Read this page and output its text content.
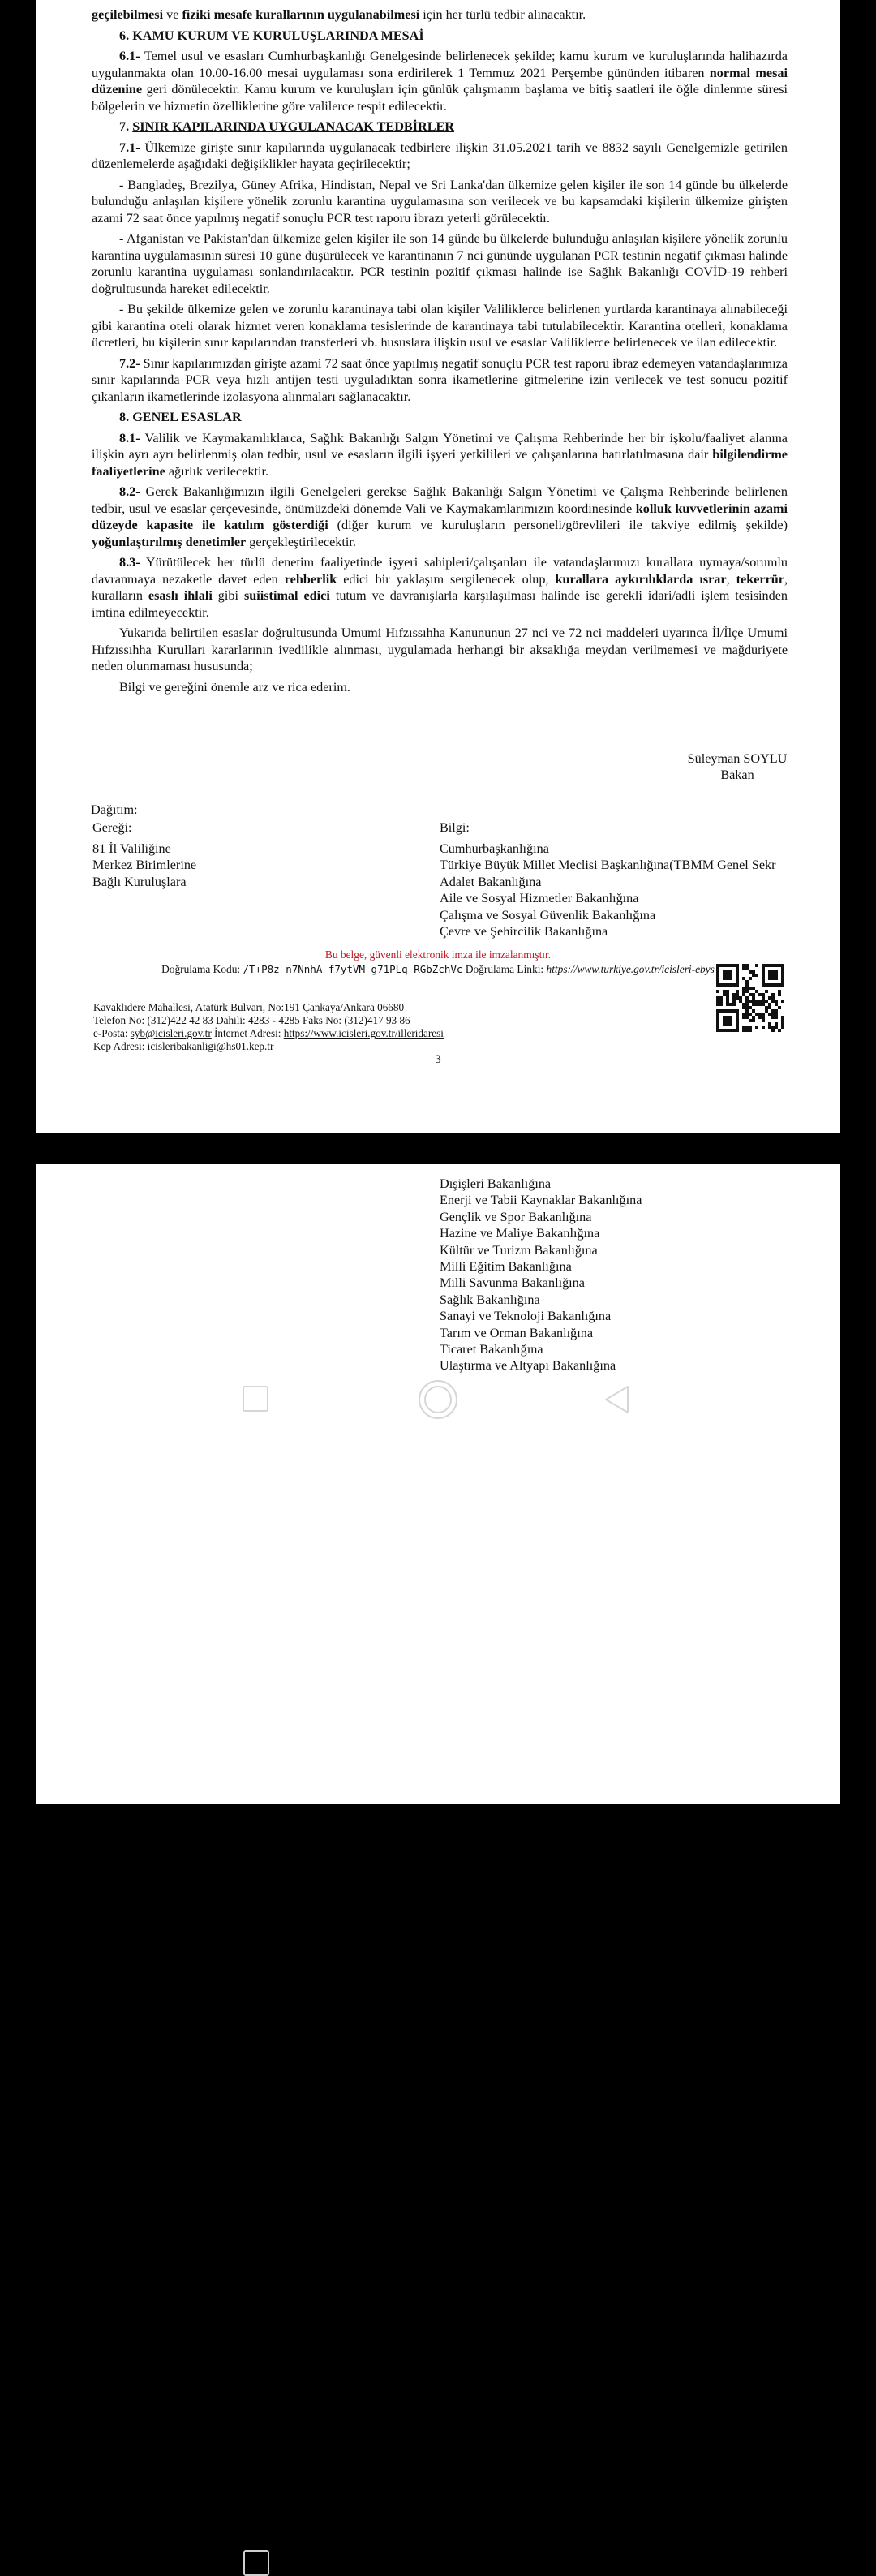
geçilebilmesi ve fiziki mesafe kurallarının uygulanabilmesi için her türlü tedbir alınacaktır.

6. KAMU KURUM VE KURULUŞLARINDA MESAİ

6.1- Temel usul ve esasları Cumhurbaşkanlığı Genelgesinde belirlenecek şekilde; kamu kurum ve kuruluşlarında halihazırda uygulanmakta olan 10.00-16.00 mesai uygulaması sona erdirilerek 1 Temmuz 2021 Perşembe gününden itibaren normal mesai düzenine geri dönülecektir. Kamu kurum ve kuruluşları için günlük çalışmanın başlama ve bitiş saatleri ile öğle dinlenme süresi bölgelerin ve hizmetin özelliklerine göre valilerce tespit edilecektir.

7. SINIR KAPILARINDA UYGULANACAK TEDBİRLER

7.1- Ülkemize girişte sınır kapılarında uygulanacak tedbirlere ilişkin 31.05.2021 tarih ve 8832 sayılı Genelgemizle getirilen düzenlemelerde aşağıdaki değişiklikler hayata geçirilecektir;

- Bangladeş, Brezilya, Güney Afrika, Hindistan, Nepal ve Sri Lanka'dan ülkemize gelen kişiler ile son 14 günde bu ülkelerde bulunduğu anlaşılan kişilere yönelik zorunlu karantina uygulamasına son verilecek ve bu kapsamdaki kişilerin ülkemize girişten azami 72 saat önce yapılmış negatif sonuçlu PCR test raporu ibrazı yeterli görülecektir.

- Afganistan ve Pakistan'dan ülkemize gelen kişiler ile son 14 günde bu ülkelerde bulunduğu anlaşılan kişilere yönelik zorunlu karantina uygulamasının süresi 10 güne düşürülecek ve karantinanın 7 nci gününde uygulanan PCR testinin negatif çıkması halinde zorunlu karantina uygulaması sonlandırılacaktır. PCR testinin pozitif çıkması halinde ise Sağlık Bakanlığı COVİD-19 rehberi doğrultusunda hareket edilecektir.

- Bu şekilde ülkemize gelen ve zorunlu karantinaya tabi olan kişiler Valiliklerce belirlenen yurtlarda karantinaya alınabileceği gibi karantina oteli olarak hizmet veren konaklama tesislerinde de karantinaya tabi tutulabilecektir. Karantina otelleri, konaklama ücretleri, bu kişilerin sınır kapılarından transferleri vb. hususlara ilişkin usul ve esaslar Valiliklerce belirlenecek ve ilan edilecektir.

7.2- Sınır kapılarımızdan girişte azami 72 saat önce yapılmış negatif sonuçlu PCR test raporu ibraz edemeyen vatandaşlarımıza sınır kapılarında PCR veya hızlı antijen testi uyguladıktan sonra ikametlerine gitmelerine izin verilecek ve test sonucu pozitif çıkanların ikametlerinde izolasyona alınmaları sağlanacaktır.

8. GENEL ESASLAR

8.1- Valilik ve Kaymakamlıklarca, Sağlık Bakanlığı Salgın Yönetimi ve Çalışma Rehberinde her bir işkolu/faaliyet alanına ilişkin ayrı ayrı belirlenmiş olan tedbir, usul ve esasların ilgili işyeri yetkilileri ve çalışanlarına hatırlatılmasına dair bilgilendirme faaliyetlerine ağırlık verilecektir.

8.2- Gerek Bakanlığımızın ilgili Genelgeleri gerekse Sağlık Bakanlığı Salgın Yönetimi ve Çalışma Rehberinde belirlenen tedbir, usul ve esaslar çerçevesinde, önümüzdeki dönemde Vali ve Kaymakamlarımızın koordinesinde kolluk kuvvetlerinin azami düzeyde kapasite ile katılım gösterdiği (diğer kurum ve kuruluşların personeli/görevlileri ile takviye edilmiş şekilde) yoğunlaştırılmış denetimler gerçekleştirilecektir.

8.3- Yürütülecek her türlü denetim faaliyetinde işyeri sahipleri/çalışanları ile vatandaşlarımızı kurallara uymaya/sorumlu davranmaya nezaketle davet eden rehberlik edici bir yaklaşım sergilenecek olup, kurallara aykırılıklarda ısrar, tekerrür, kuralların esaslı ihlali gibi suiistimal edici tutum ve davranışlarla karşılaşılması halinde ise gerekli idari/adli işlem tesisinden imtina edilmeyecektir.

Yukarıda belirtilen esaslar doğrultusunda Umumi Hıfzıssıhha Kanununun 27 nci ve 72 nci maddeleri uyarınca İl/İlçe Umumi Hıfzıssıhha Kurulları kararlarının ivedilikle alınması, uygulamada herhangi bir aksaklığa meydan verilmemesi ve mağduriyete neden olunmaması hususunda;

Bilgi ve gereğini önemle arz ve rica ederim.

Süleyman SOYLU
Bakan
Dağıtım:
Gereği:
81 İl Valiliğine
Merkez Birimlerine
Bağlı Kuruluşlara
Bilgi:
Cumhurbaşkanlığına
Türkiye Büyük Millet Meclisi Başkanlığına(TBMM Genel Sekr
Adalet Bakanlığına
Aile ve Sosyal Hizmetler Bakanlığına
Çalışma ve Sosyal Güvenlik Bakanlığına
Çevre ve Şehircilik Bakanlığına
Bu belge, güvenli elektronik imza ile imzalanmıştır.
Doğrulama Kodu: /T+P8z-n7NnhA-f7ytVM-g71PLq-RGbZchVc Doğrulama Linki: https://www.turkiye.gov.tr/icisleri-ebys
Kavaklıdere Mahallesi, Atatürk Bulvarı, No:191 Çankaya/Ankara 06680
Telefon No: (312)422 42 83 Dahili: 4283 - 4285 Faks No: (312)417 93 86
e-Posta: syb@icisleri.gov.tr İnternet Adresi: https://www.icisleri.gov.tr/illeridaresi
Kep Adresi: icisleribakanligi@hs01.kep.tr
3
Dışişleri Bakanlığına
Enerji ve Tabii Kaynaklar Bakanlığına
Gençlik ve Spor Bakanlığına
Hazine ve Maliye Bakanlığına
Kültür ve Turizm Bakanlığına
Milli Eğitim Bakanlığına
Milli Savunma Bakanlığına
Sağlık Bakanlığına
Sanayi ve Teknoloji Bakanlığına
Tarım ve Orman Bakanlığına
Ticaret Bakanlığına
Ulaştırma ve Altyapı Bakanlığına
